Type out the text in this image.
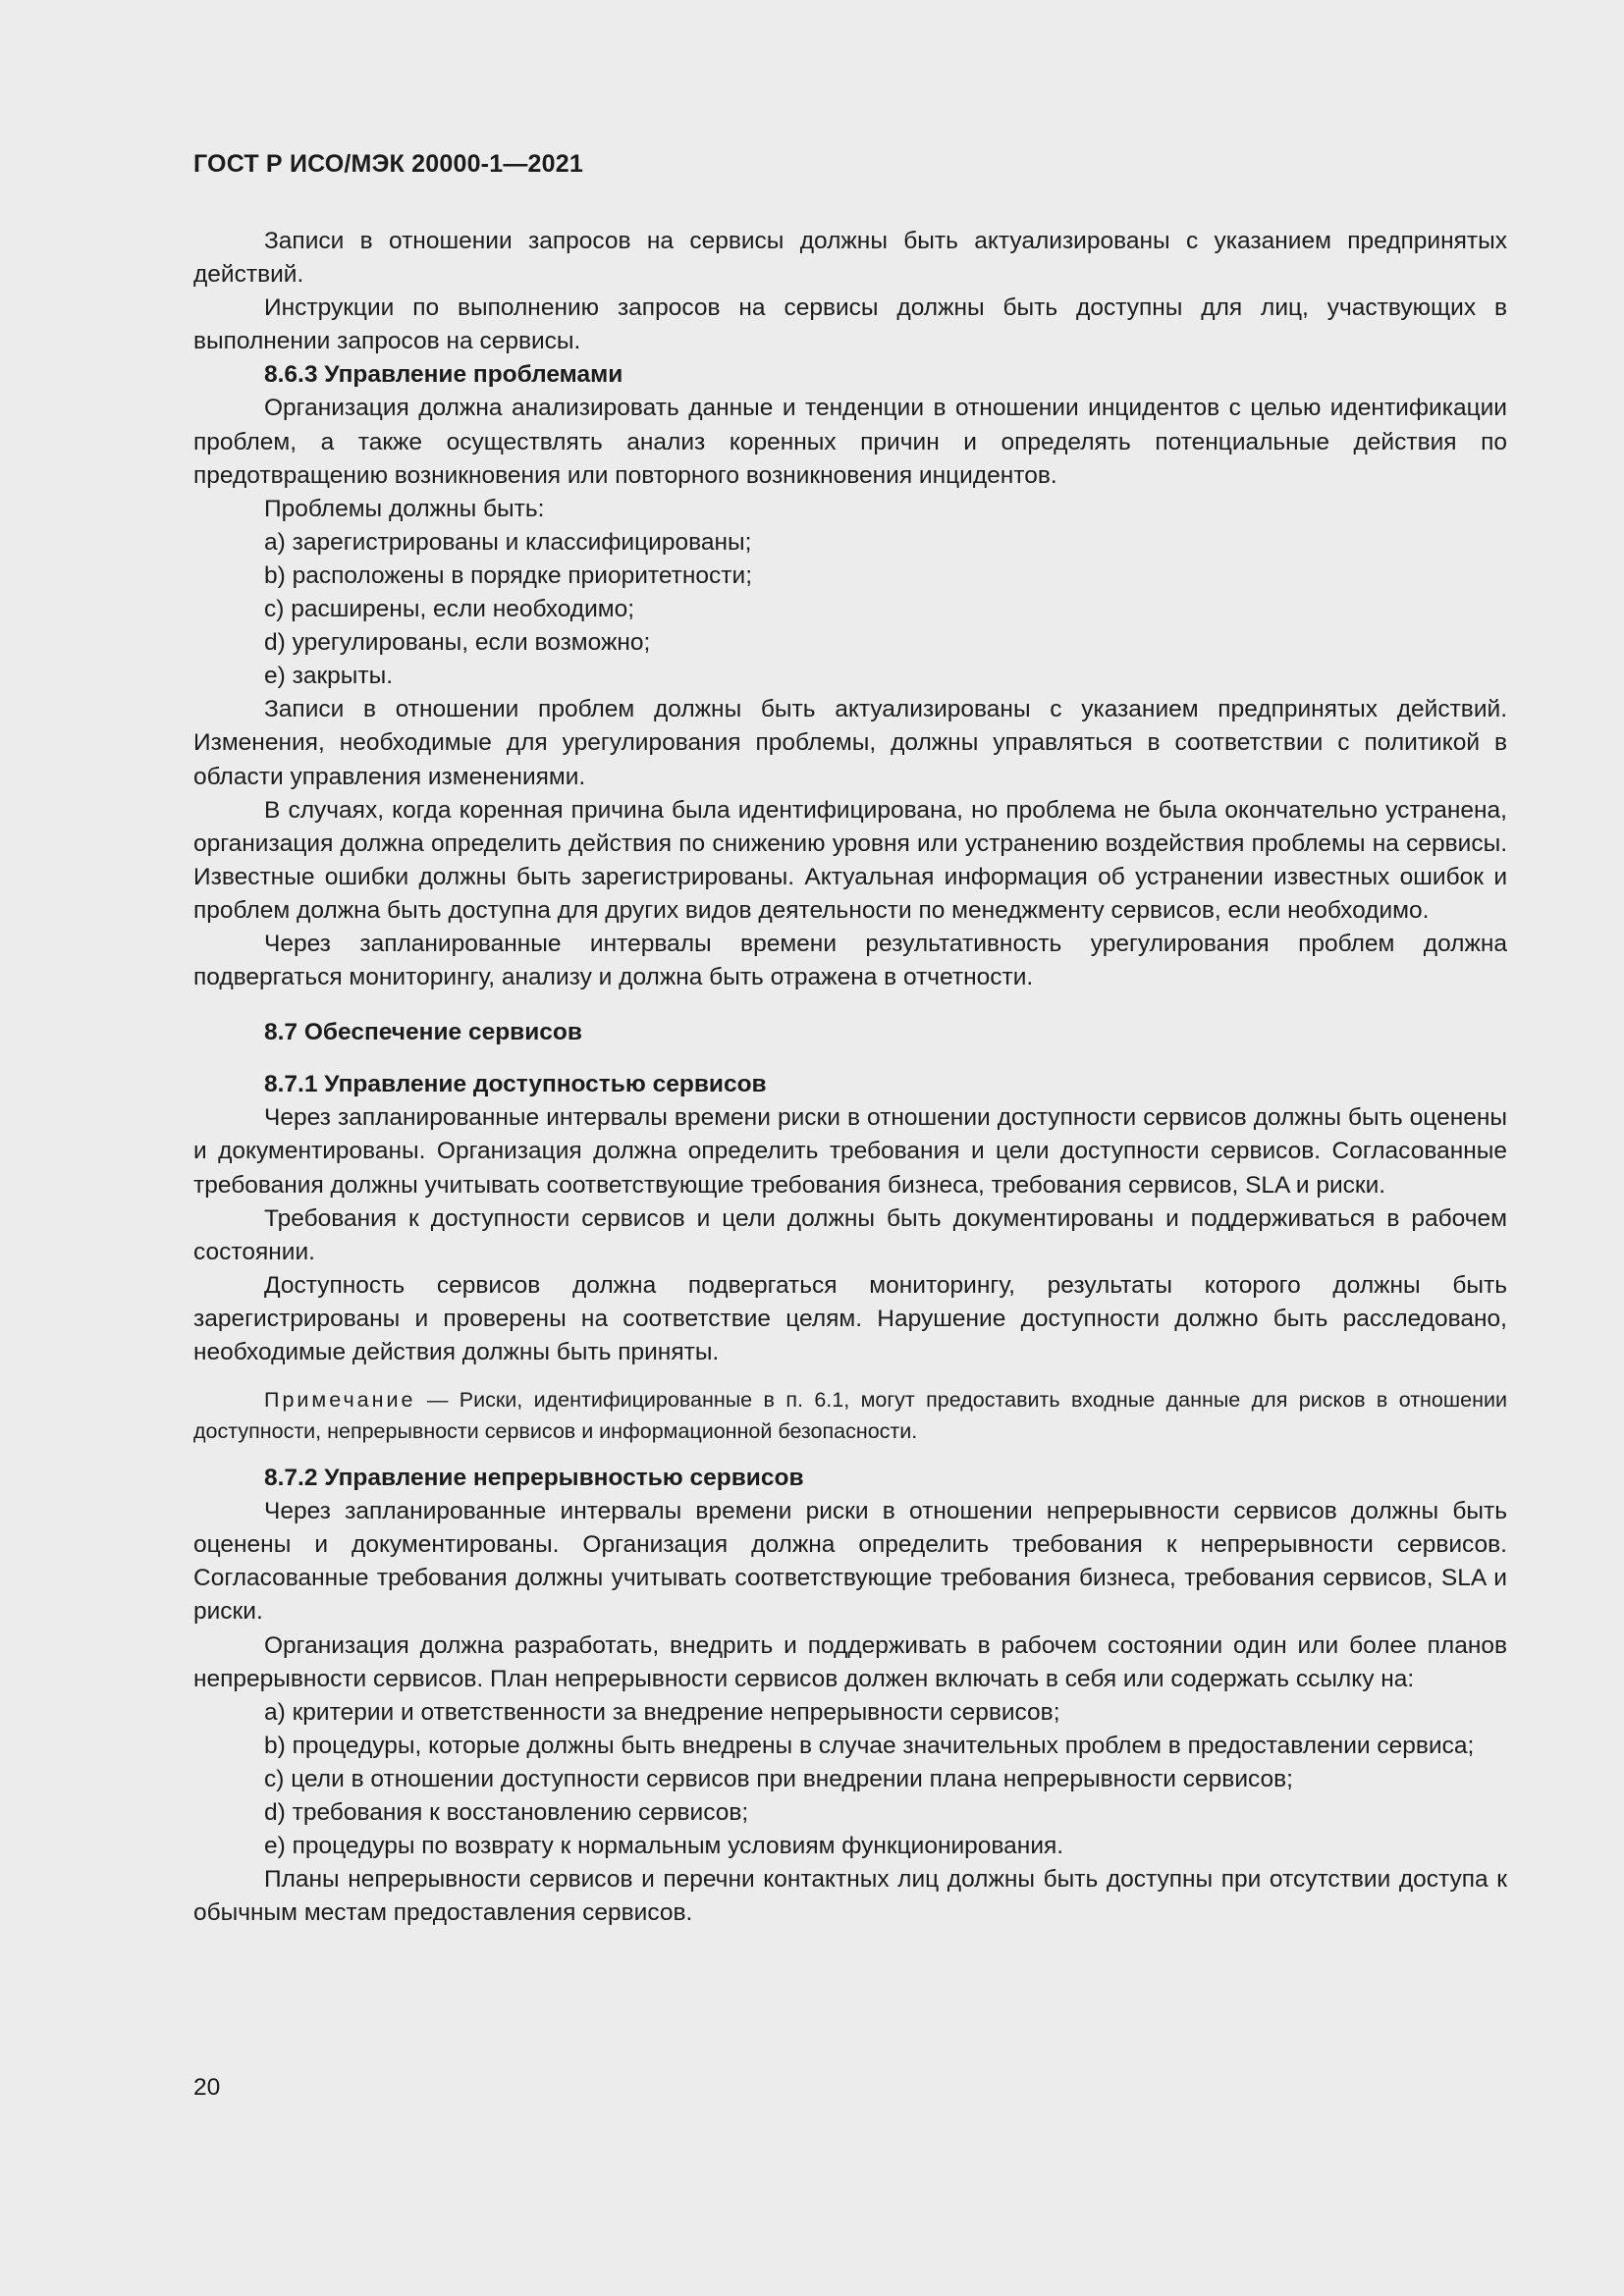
ГОСТ Р ИСО/МЭК 20000-1—2021

Записи в отношении запросов на сервисы должны быть актуализированы с указанием предпринятых действий.

Инструкции по выполнению запросов на сервисы должны быть доступны для лиц, участвующих в выполнении запросов на сервисы.

8.6.3 Управление проблемами

Организация должна анализировать данные и тенденции в отношении инцидентов с целью идентификации проблем, а также осуществлять анализ коренных причин и определять потенциальные действия по предотвращению возникновения или повторного возникновения инцидентов.

Проблемы должны быть:

a) зарегистрированы и классифицированы;

b) расположены в порядке приоритетности;

c) расширены, если необходимо;

d) урегулированы, если возможно;

e) закрыты.

Записи в отношении проблем должны быть актуализированы с указанием предпринятых действий. Изменения, необходимые для урегулирования проблемы, должны управляться в соответствии с политикой в области управления изменениями.

В случаях, когда коренная причина была идентифицирована, но проблема не была окончательно устранена, организация должна определить действия по снижению уровня или устранению воздействия проблемы на сервисы. Известные ошибки должны быть зарегистрированы. Актуальная информация об устранении известных ошибок и проблем должна быть доступна для других видов деятельности по менеджменту сервисов, если необходимо.

Через запланированные интервалы времени результативность урегулирования проблем должна подвергаться мониторингу, анализу и должна быть отражена в отчетности.

8.7 Обеспечение сервисов

8.7.1 Управление доступностью сервисов

Через запланированные интервалы времени риски в отношении доступности сервисов должны быть оценены и документированы. Организация должна определить требования и цели доступности сервисов. Согласованные требования должны учитывать соответствующие требования бизнеса, требования сервисов, SLA и риски.

Требования к доступности сервисов и цели должны быть документированы и поддерживаться в рабочем состоянии.

Доступность сервисов должна подвергаться мониторингу, результаты которого должны быть зарегистрированы и проверены на соответствие целям. Нарушение доступности должно быть расследовано, необходимые действия должны быть приняты.

Примечание — Риски, идентифицированные в п. 6.1, могут предоставить входные данные для рисков в отношении доступности, непрерывности сервисов и информационной безопасности.

8.7.2 Управление непрерывностью сервисов

Через запланированные интервалы времени риски в отношении непрерывности сервисов должны быть оценены и документированы. Организация должна определить требования к непрерывности сервисов. Согласованные требования должны учитывать соответствующие требования бизнеса, требования сервисов, SLA и риски.

Организация должна разработать, внедрить и поддерживать в рабочем состоянии один или более планов непрерывности сервисов. План непрерывности сервисов должен включать в себя или содержать ссылку на:

a) критерии и ответственности за внедрение непрерывности сервисов;

b) процедуры, которые должны быть внедрены в случае значительных проблем в предоставлении сервиса;

c) цели в отношении доступности сервисов при внедрении плана непрерывности сервисов;

d) требования к восстановлению сервисов;

e) процедуры по возврату к нормальным условиям функционирования.

Планы непрерывности сервисов и перечни контактных лиц должны быть доступны при отсутствии доступа к обычным местам предоставления сервисов.

20
